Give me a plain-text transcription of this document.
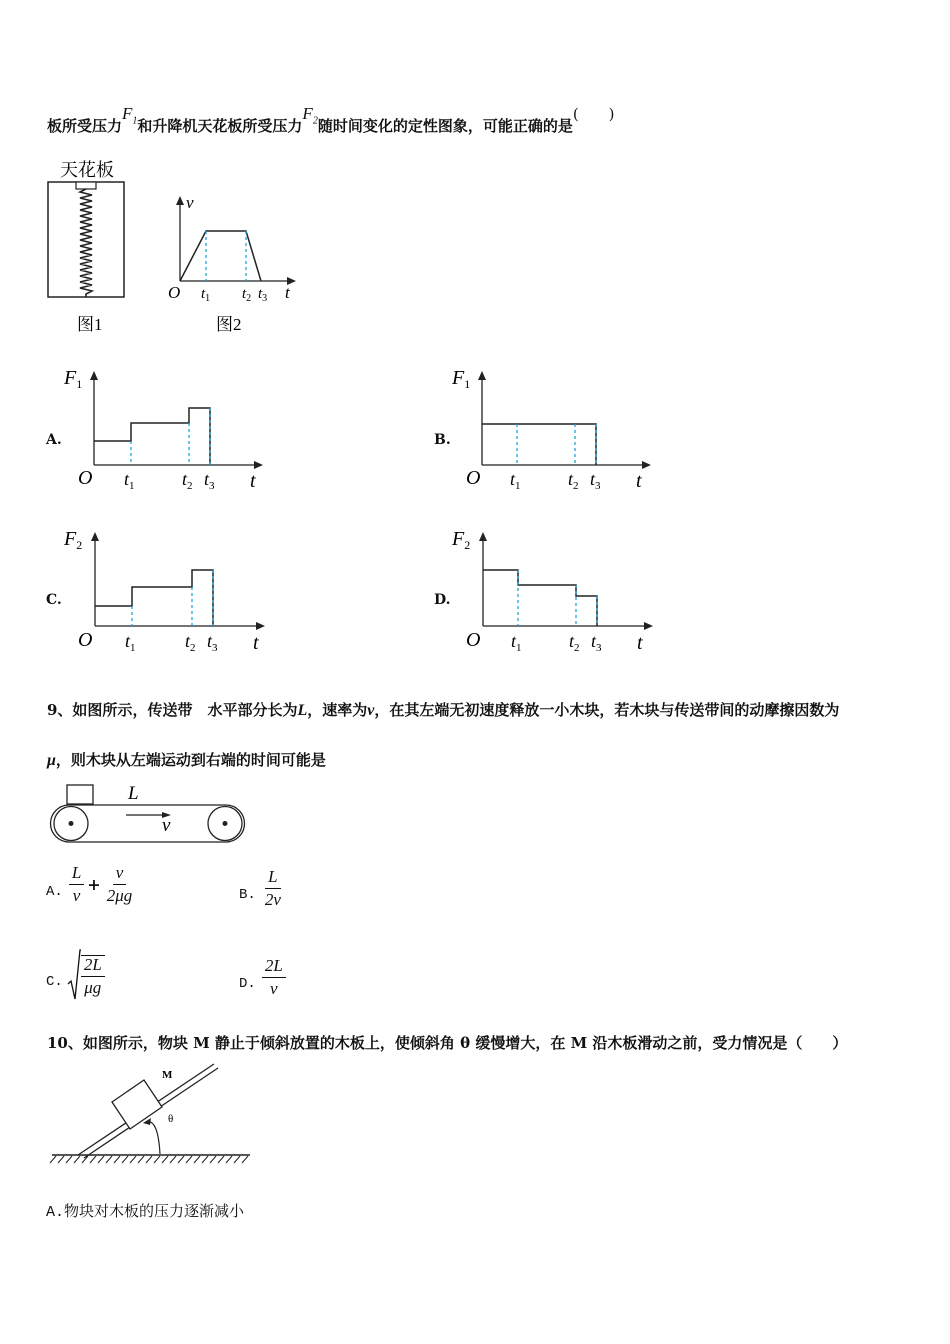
板所受压力$F_1$和升降机天花板所受压力$F_2$随时间变化的定性图象，可能正确的是(　　)
天花板
图1
v
O	t
$t_1$ $t_2$ $t_3$
图2
A.
$F_1$
O $t_1$	$t_2$ $t_3$ t
B.
$F_1$
O $t_1$	$t_2$ $t_3$ t
C.
$F_2$
O $t_1$	$t_2$ $t_3$ t
D.
$F_2$
O $t_1$	$t_2$ $t_3$ t
9、如图所示，传送带　水平部分长为L，速率为v，在其左端无初速度释放一小木块，若木块与传送带间的动摩擦因数为
μ，则木块从左端运动到右端的时间可能是
L
v
A. $\frac{L}{v} + \frac{v}{2\mu g}$	B. $\frac{L}{2v}$
C. $\frac{2L}{\mu g}$	D. $\frac{2L}{v}$
10、如图所示，物块 M 静止于倾斜放置的木板上，使倾斜角 θ 缓慢增大，在 M 沿木板滑动之前，受力情况是（　　）
M
θ
A.物块对木板的压力逐渐减小
